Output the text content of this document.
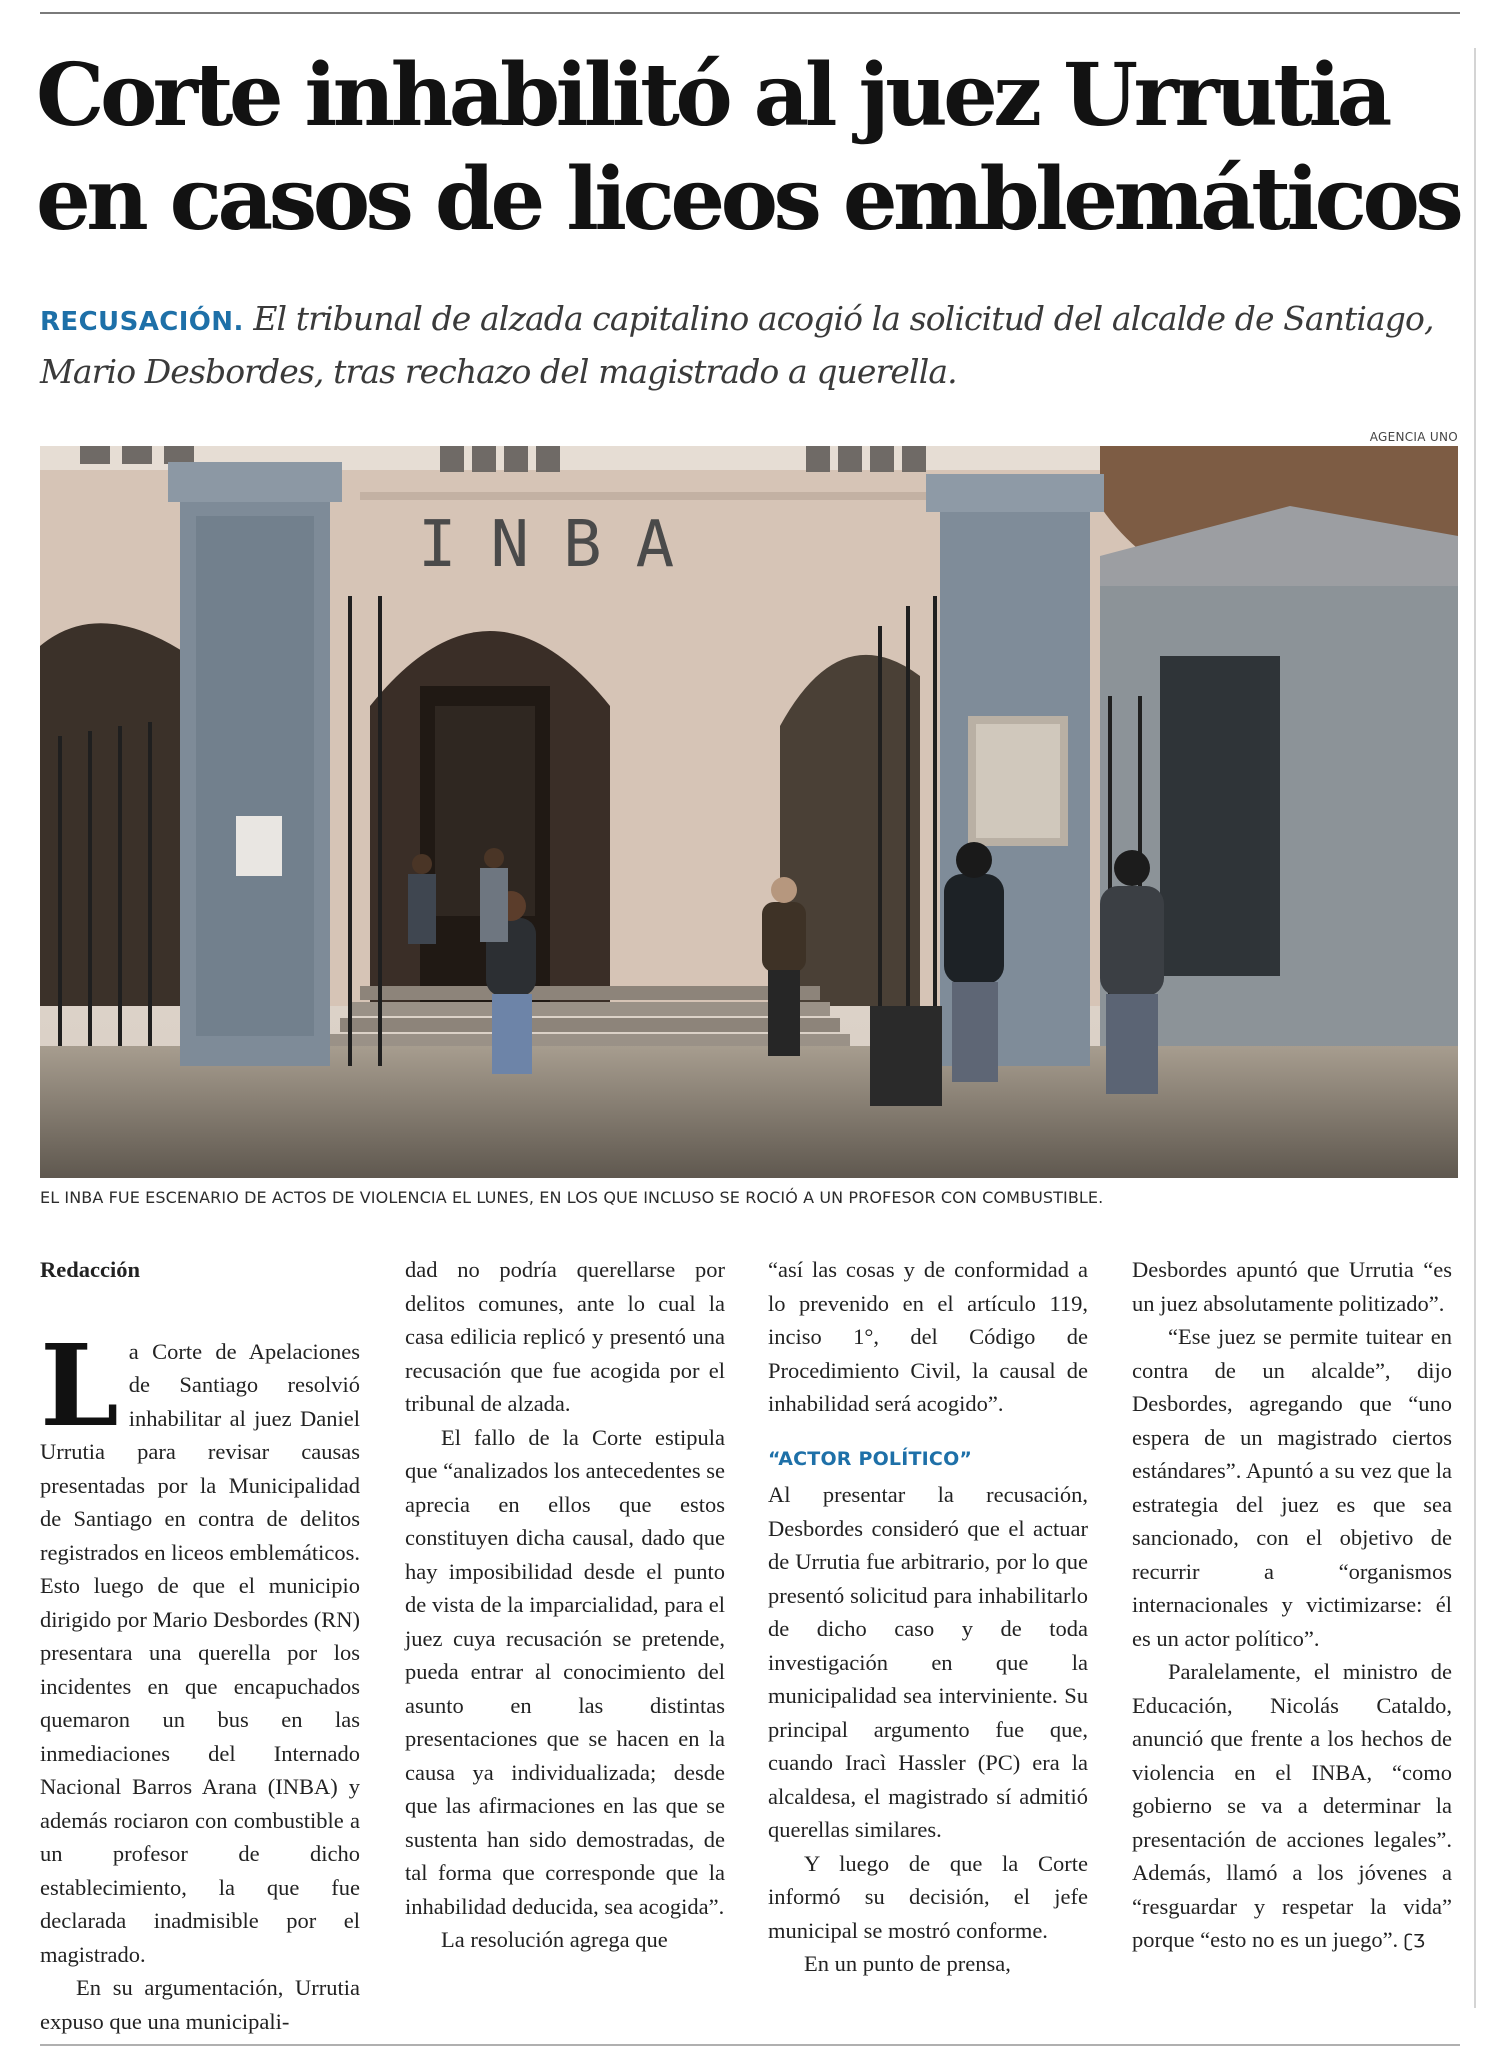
Corte inhabilitó al juez Urrutia en casos de liceos emblemáticos

RECUSACIÓN. El tribunal de alzada capitalino acogió la solicitud del alcalde de Santiago, Mario Desbordes, tras rechazo del magistrado a querella.

AGENCIA UNO
INBA
EL INBA FUE ESCENARIO DE ACTOS DE VIOLENCIA EL LUNES, EN LOS QUE INCLUSO SE ROCIÓ A UN PROFESOR CON COMBUSTIBLE.

Redacción

La Corte de Apelaciones de Santiago resolvió inhabilitar al juez Daniel Urrutia para revisar causas presentadas por la Municipalidad de Santiago en contra de delitos registrados en liceos emblemáticos. Esto luego de que el municipio dirigido por Mario Desbordes (RN) presentara una querella por los incidentes en que encapuchados quemaron un bus en las inmediaciones del Internado Nacional Barros Arana (INBA) y además rociaron con combustible a un profesor de dicho establecimiento, la que fue declarada inadmisible por el magistrado.

En su argumentación, Urrutia expuso que una municipali-

dad no podría querellarse por delitos comunes, ante lo cual la casa edilicia replicó y presentó una recusación que fue acogida por el tribunal de alzada.

El fallo de la Corte estipula que “analizados los antecedentes se aprecia en ellos que estos constituyen dicha causal, dado que hay imposibilidad desde el punto de vista de la imparcialidad, para el juez cuya recusación se pretende, pueda entrar al conocimiento del asunto en las distintas presentaciones que se hacen en la causa ya individualizada; desde que las afirmaciones en las que se sustenta han sido demostradas, de tal forma que corresponde que la inhabilidad deducida, sea acogida”.

La resolución agrega que

“así las cosas y de conformidad a lo prevenido en el artículo 119, inciso 1°, del Código de Procedimiento Civil, la causal de inhabilidad será acogido”.

“ACTOR POLÍTICO”

Al presentar la recusación, Desbordes consideró que el actuar de Urrutia fue arbitrario, por lo que presentó solicitud para inhabilitarlo de dicho caso y de toda investigación en que la municipalidad sea interviniente. Su principal argumento fue que, cuando Iracì Hassler (PC) era la alcaldesa, el magistrado sí admitió querellas similares.

Y luego de que la Corte informó su decisión, el jefe municipal se mostró conforme.

En un punto de prensa,

Desbordes apuntó que Urrutia “es un juez absolutamente politizado”.

“Ese juez se permite tuitear en contra de un alcalde”, dijo Desbordes, agregando que “uno espera de un magistrado ciertos estándares”. Apuntó a su vez que la estrategia del juez es que sea sancionado, con el objetivo de recurrir a “organismos internacionales y victimizarse: él es un actor político”.

Paralelamente, el ministro de Educación, Nicolás Cataldo, anunció que frente a los hechos de violencia en el INBA, “como gobierno se va a determinar la presentación de acciones legales”. Además, llamó a los jóvenes a “resguardar y respetar la vida” porque “esto no es un juego”. ʗƷ
